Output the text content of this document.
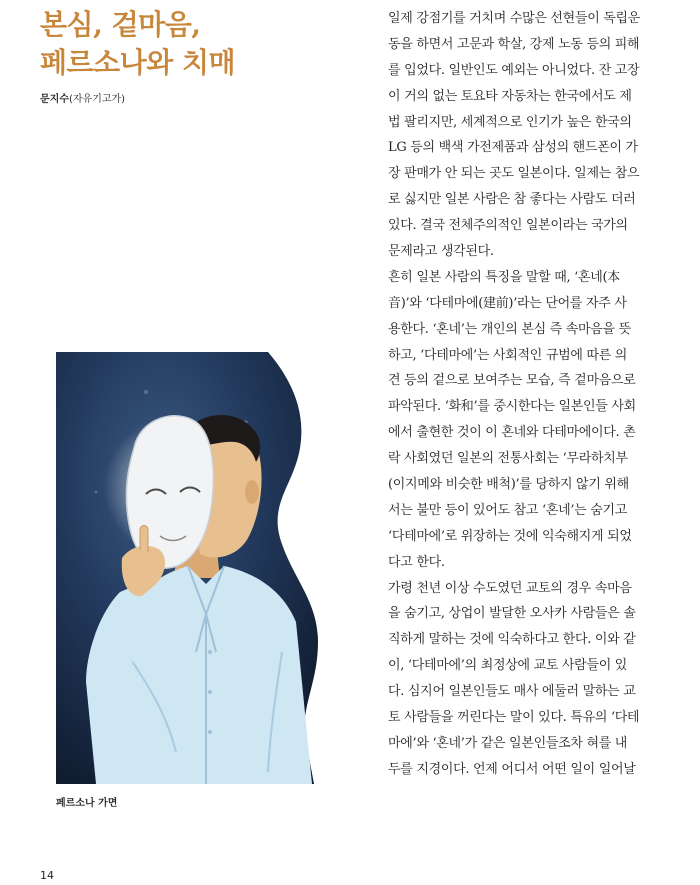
본심, 겉마음,
페르소나와 치매

문지수(자유기고가)

페르소나 가면

14
일제 강점기를 거치며 수많은 선현들이 독립운
동을 하면서 고문과 학살, 강제 노동 등의 피해
를 입었다. 일반인도 예외는 아니었다. 잔 고장
이 거의 없는 토요타 자동차는 한국에서도 제
법 팔리지만, 세계적으로 인기가 높은 한국의
LG 등의 백색 가전제품과 삼성의 핸드폰이 가
장 판매가 안 되는 곳도 일본이다. 일제는 참으
로 싫지만 일본 사람은 참 좋다는 사람도 더러
있다. 결국 전체주의적인 일본이라는 국가의
문제라고 생각된다.
흔히 일본 사람의 특징을 말할 때, ‘혼네(本
音)’와 ‘다테마에(建前)’라는 단어를 자주 사
용한다. ‘혼네’는 개인의 본심 즉 속마음을 뜻
하고, ‘다테마에’는 사회적인 규범에 따른 의
견 등의 겉으로 보여주는 모습, 즉 겉마음으로
파악된다. ‘화和’를 중시한다는 일본인들 사회
에서 출현한 것이 이 혼네와 다테마에이다. 촌
락 사회였던 일본의 전통사회는 ‘무라하치부
(이지메와 비슷한 배척)’를 당하지 않기 위해
서는 불만 등이 있어도 참고 ‘혼네’는 숨기고
‘다테마에’로 위장하는 것에 익숙해지게 되었
다고 한다.
가령 천년 이상 수도였던 교토의 경우 속마음
을 숨기고, 상업이 발달한 오사카 사람들은 솔
직하게 말하는 것에 익숙하다고 한다. 이와 같
이, ‘다테마에’의 최정상에 교토 사람들이 있
다. 심지어 일본인들도 매사 에둘러 말하는 교
토 사람들을 꺼린다는 말이 있다. 특유의 ‘다테
마에’와 ‘혼네’가 같은 일본인들조차 혀를 내
두를 지경이다. 언제 어디서 어떤 일이 일어날
